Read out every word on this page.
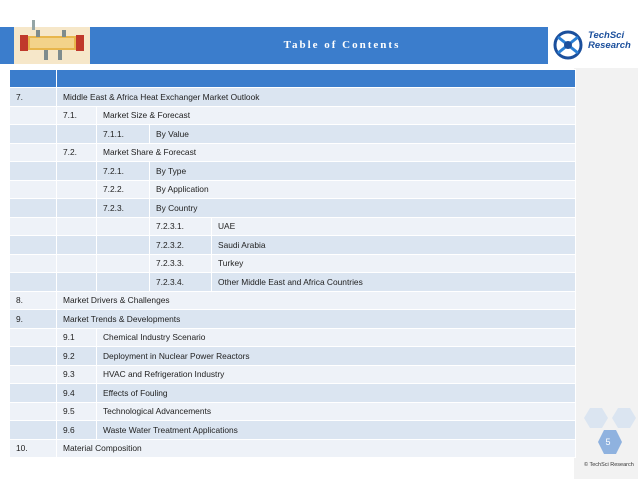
Table of Contents
TechSci
Research

7.	Middle East & Africa Heat Exchanger Market Outlook			
	7.1.	Market Size & Forecast		
		7.1.1.	By Value	
	7.2.	Market Share & Forecast		
		7.2.1.	By Type	
		7.2.2.	By Application	
		7.2.3.	By Country	
			7.2.3.1.	UAE
			7.2.3.2.	Saudi Arabia
			7.2.3.3.	Turkey
			7.2.3.4.	Other Middle East and Africa Countries
8.	Market Drivers & Challenges			
9.	Market Trends & Developments			
	9.1	Chemical Industry Scenario		
	9.2	Deployment in Nuclear Power Reactors		
	9.3	HVAC and Refrigeration Industry		
	9.4	Effects of Fouling		
	9.5	Technological Advancements		
	9.6	Waste Water Treatment Applications		
10.	Material Composition			
5
© TechSci Research
